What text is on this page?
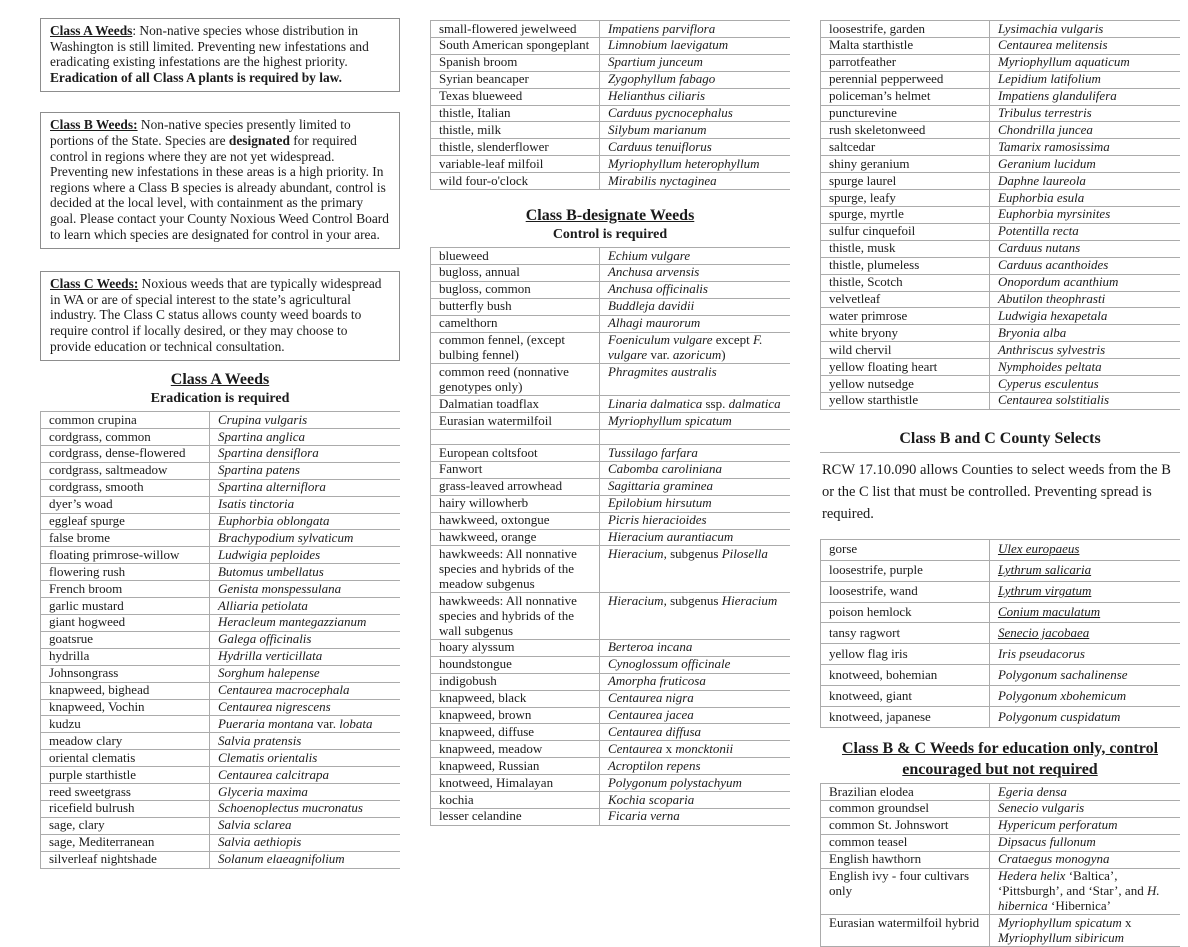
Class A Weeds: Non-native species whose distribution in Washington is still limited. Preventing new infestations and eradicating existing infestations are the highest priority. Eradication of all Class A plants is required by law.

Class B Weeds: Non-native species presently limited to portions of the State. Species are designated for required control in regions where they are not yet widespread. Preventing new infestations in these areas is a high priority. In regions where a Class B species is already abundant, control is decided at the local level, with containment as the primary goal. Please contact your County Noxious Weed Control Board to learn which species are designated for control in your area.

Class C Weeds: Noxious weeds that are typically widespread in WA or are of special interest to the state’s agricultural industry. The Class C status allows county weed boards to require control if locally desired, or they may choose to provide education or technical consultation.

Class A Weeds
Eradication is required
common crupina	Crupina vulgaris
cordgrass, common	Spartina anglica
cordgrass, dense-flowered	Spartina densiflora
cordgrass, saltmeadow	Spartina patens
cordgrass, smooth	Spartina alterniflora
dyer’s woad	Isatis tinctoria
eggleaf spurge	Euphorbia oblongata
false brome	Brachypodium sylvaticum
floating primrose-willow	Ludwigia peploides
flowering rush	Butomus umbellatus
French broom	Genista monspessulana
garlic mustard	Alliaria petiolata
giant hogweed	Heracleum mantegazzianum
goatsrue	Galega officinalis
hydrilla	Hydrilla verticillata
Johnsongrass	Sorghum halepense
knapweed, bighead	Centaurea macrocephala
knapweed, Vochin	Centaurea nigrescens
kudzu	Pueraria montana var. lobata
meadow clary	Salvia pratensis
oriental clematis	Clematis orientalis
purple starthistle	Centaurea calcitrapa
reed sweetgrass	Glyceria maxima
ricefield bulrush	Schoenoplectus mucronatus
sage, clary	Salvia sclarea
sage, Mediterranean	Salvia aethiopis
silverleaf nightshade	Solanum elaeagnifolium
small-flowered jewelweed	Impatiens parviflora
South American spongeplant	Limnobium laevigatum
Spanish broom	Spartium junceum
Syrian beancaper	Zygophyllum fabago
Texas blueweed	Helianthus ciliaris
thistle, Italian	Carduus pycnocephalus
thistle, milk	Silybum marianum
thistle, slenderflower	Carduus tenuiflorus
variable-leaf milfoil	Myriophyllum heterophyllum
wild four-o'clock	Mirabilis nyctaginea
Class B-designate Weeds
Control is required
blueweed	Echium vulgare
bugloss, annual	Anchusa arvensis
bugloss, common	Anchusa officinalis
butterfly bush	Buddleja davidii
camelthorn	Alhagi maurorum
common fennel, (except bulbing fennel)	Foeniculum vulgare except F. vulgare var. azoricum)
common reed (nonnative genotypes only)	Phragmites australis
Dalmatian toadflax	Linaria dalmatica ssp. dalmatica
Eurasian watermilfoil	Myriophyllum spicatum

European coltsfoot	Tussilago farfara
Fanwort	Cabomba caroliniana
grass-leaved arrowhead	Sagittaria graminea
hairy willowherb	Epilobium hirsutum
hawkweed, oxtongue	Picris hieracioides
hawkweed, orange	Hieracium aurantiacum
hawkweeds: All nonnative species and hybrids of the meadow subgenus	Hieracium, subgenus Pilosella
hawkweeds: All nonnative species and hybrids of the wall subgenus	Hieracium, subgenus Hieracium
hoary alyssum	Berteroa incana
houndstongue	Cynoglossum officinale
indigobush	Amorpha fruticosa
knapweed, black	Centaurea nigra
knapweed, brown	Centaurea jacea
knapweed, diffuse	Centaurea diffusa
knapweed, meadow	Centaurea x moncktonii
knapweed, Russian	Acroptilon repens
knotweed, Himalayan	Polygonum polystachyum
kochia	Kochia scoparia
lesser celandine	Ficaria verna
loosestrife, garden	Lysimachia vulgaris
Malta starthistle	Centaurea melitensis
parrotfeather	Myriophyllum aquaticum
perennial pepperweed	Lepidium latifolium
policeman’s helmet	Impatiens glandulifera
puncturevine	Tribulus terrestris
rush skeletonweed	Chondrilla juncea
saltcedar	Tamarix ramosissima
shiny geranium	Geranium lucidum
spurge laurel	Daphne laureola
spurge, leafy	Euphorbia esula
spurge, myrtle	Euphorbia myrsinites
sulfur cinquefoil	Potentilla recta
thistle, musk	Carduus nutans
thistle, plumeless	Carduus acanthoides
thistle, Scotch	Onopordum acanthium
velvetleaf	Abutilon theophrasti
water primrose	Ludwigia hexapetala
white bryony	Bryonia alba
wild chervil	Anthriscus sylvestris
yellow floating heart	Nymphoides peltata
yellow nutsedge	Cyperus esculentus
yellow starthistle	Centaurea solstitialis
Class B and C County Selects

RCW 17.10.090 allows Counties to select weeds from the B or the C list that must be controlled. Preventing spread is required.

gorse	Ulex europaeus
loosestrife, purple	Lythrum salicaria
loosestrife, wand	Lythrum virgatum
poison hemlock	Conium maculatum
tansy ragwort	Senecio jacobaea
yellow flag iris	Iris pseudacorus
knotweed, bohemian	Polygonum sachalinense
knotweed, giant	Polygonum xbohemicum
knotweed, japanese	Polygonum cuspidatum
Class B & C Weeds for education only, control encouraged but not required
Brazilian elodea	Egeria densa
common groundsel	Senecio vulgaris
common St. Johnswort	Hypericum perforatum
common teasel	Dipsacus fullonum
English hawthorn	Crataegus monogyna
English ivy - four cultivars only	Hedera helix ‘Baltica’, ‘Pittsburgh’, and ‘Star’, and H. hibernica ‘Hibernica’
Eurasian watermilfoil hybrid	Myriophyllum spicatum x Myriophyllum sibiricum
